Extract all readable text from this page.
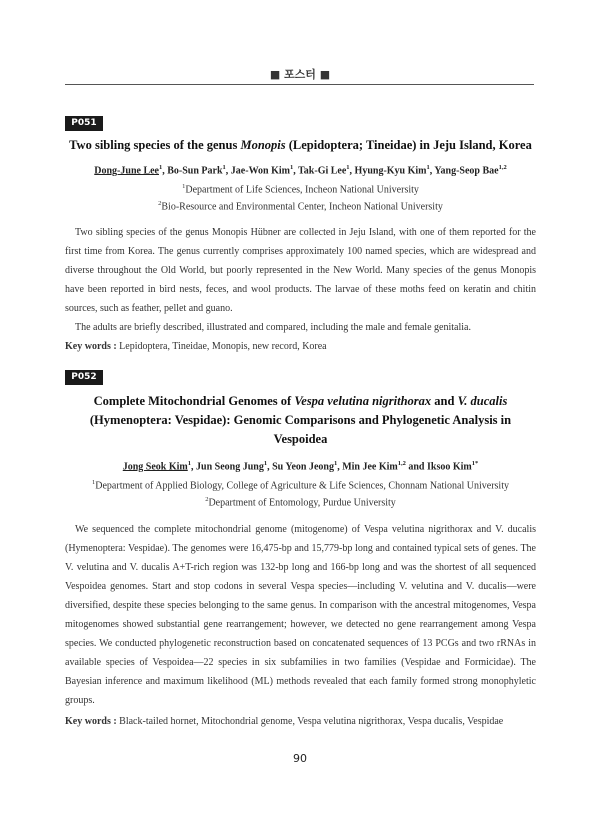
■ 포스터 ■
P051

Two sibling species of the genus Monopis (Lepidoptera; Tineidae) in Jeju Island, Korea

Dong-June Lee$^1$, Bo-Sun Park$^1$, Jae-Won Kim$^1$, Tak-Gi Lee$^1$, Hyung-Kyu Kim$^1$, Yang-Seop Bae$^{1,2}$

$^1$Department of Life Sciences, Incheon National University

$^2$Bio-Resource and Environmental Center, Incheon National University

Two sibling species of the genus Monopis Hübner are collected in Jeju Island, with one of them reported for the first time from Korea. The genus currently comprises approximately 100 named species, which are widespread and diverse throughout the Old World, but poorly represented in the New World. Many species of the genus Monopis have been reported in bird nests, feces, and wool products. The larvae of these moths feed on keratin and chitin sources, such as feather, pellet and guano.

The adults are briefly described, illustrated and compared, including the male and female genitalia.

Key words : Lepidoptera, Tineidae, Monopis, new record, Korea

P052

Complete Mitochondrial Genomes of Vespa velutina nigrithorax and V. ducalis (Hymenoptera: Vespidae): Genomic Comparisons and Phylogenetic Analysis in Vespoidea

Jong Seok Kim$^1$, Jun Seong Jung$^1$, Su Yeon Jeong$^1$, Min Jee Kim$^{1,2}$ and Iksoo Kim$^{1*}$

$^1$Department of Applied Biology, College of Agriculture & Life Sciences, Chonnam National University

$^2$Department of Entomology, Purdue University

We sequenced the complete mitochondrial genome (mitogenome) of Vespa velutina nigrithorax and V. ducalis (Hymenoptera: Vespidae). The genomes were 16,475-bp and 15,779-bp long and contained typical sets of genes. The V. velutina and V. ducalis A+T-rich region was 132-bp long and 166-bp long and was the shortest of all sequenced Vespoidea genomes. Start and stop codons in several Vespa species—including V. velutina and V. ducalis—were diversified, despite these species belonging to the same genus. In comparison with the ancestral mitogenomes, Vespa mitogenomes showed substantial gene rearrangement; however, we detected no gene rearrangement among Vespa species. We conducted phylogenetic reconstruction based on concatenated sequences of 13 PCGs and two rRNAs in available species of Vespoidea—22 species in six subfamilies in two families (Vespidae and Formicidae). The Bayesian inference and maximum likelihood (ML) methods revealed that each family formed strong monophyletic groups.

Key words : Black-tailed hornet, Mitochondrial genome, Vespa velutina nigrithorax, Vespa ducalis, Vespidae

90
